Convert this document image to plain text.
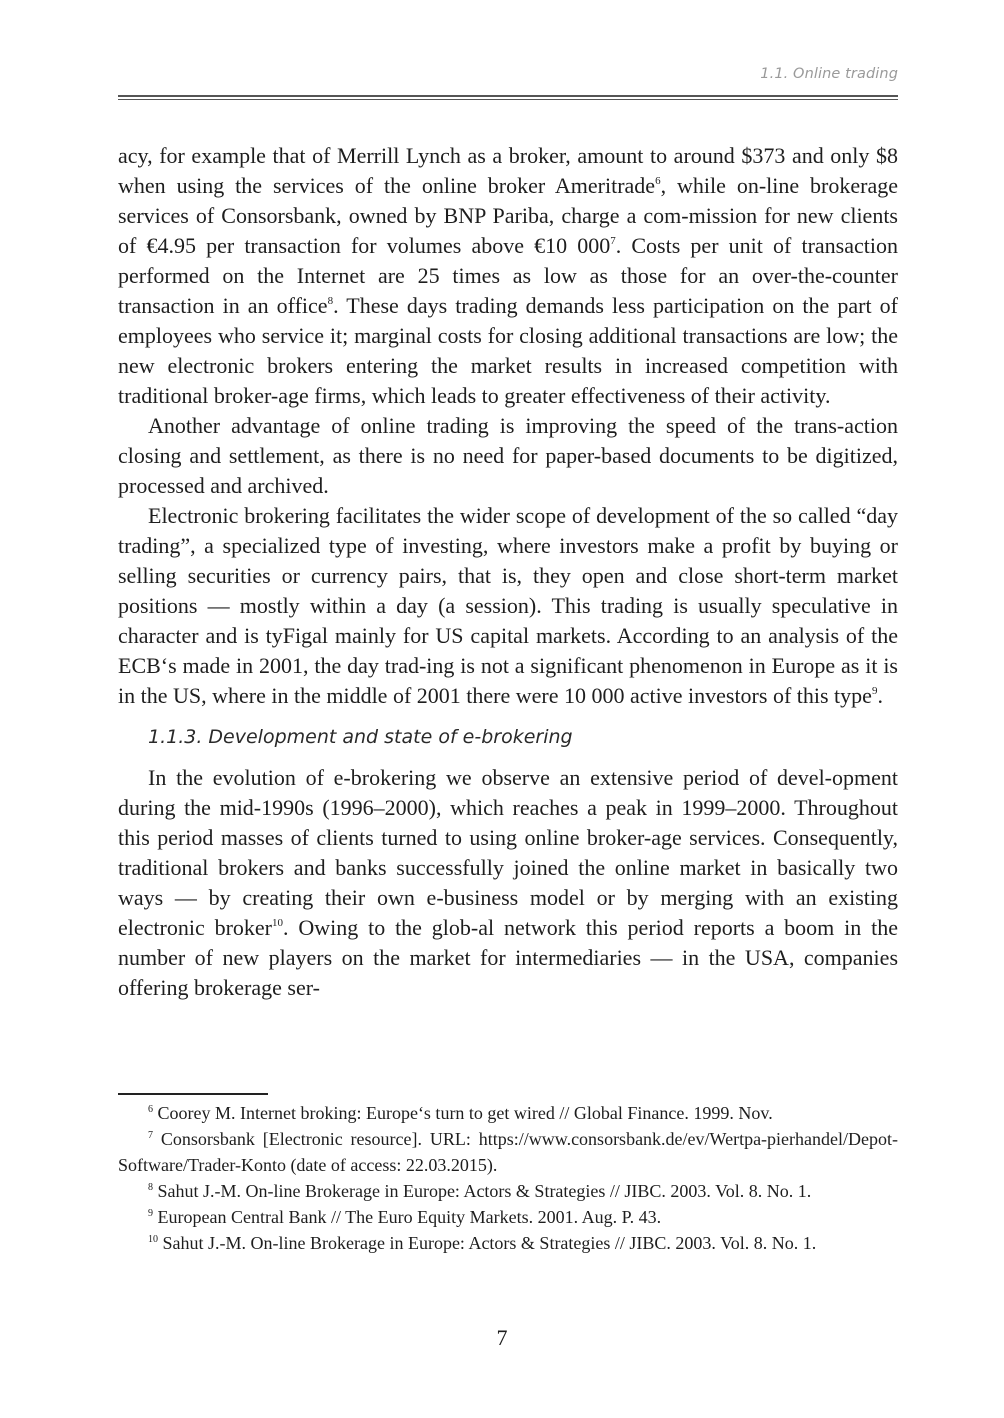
1.1. Online trading

acy, for example that of Merrill Lynch as a broker, amount to around $373 and only $8 when using the services of the online broker Ameritrade$^6$, while on-line brokerage services of Consorsbank, owned by BNP Pariba, charge a com-mission for new clients of €4.95 per transaction for volumes above €10 $000^7$. Costs per unit of transaction performed on the Internet are 25 times as low as those for an over-the-counter transaction in an office$^8$. These days trading demands less participation on the part of employees who service it; marginal costs for closing additional transactions are low; the new electronic brokers entering the market results in increased competition with traditional broker-age firms, which leads to greater effectiveness of their activity.

Another advantage of online trading is improving the speed of the trans-action closing and settlement, as there is no need for paper-based documents to be digitized, processed and archived.

Electronic brokering facilitates the wider scope of development of the so called “day trading”, a specialized type of investing, where investors make a profit by buying or selling securities or currency pairs, that is, they open and close short-term market positions — mostly within a day (a session). This trading is usually speculative in character and is tyFigal mainly for US capital markets. According to an analysis of the ECB‘s made in 2001, the day trad-ing is not a significant phenomenon in Europe as it is in the US, where in the middle of 2001 there were 10 000 active investors of this type$^9$.

1.1.3. Development and state of e-brokering

In the evolution of e-brokering we observe an extensive period of devel-opment during the mid-1990s (1996–2000), which reaches a peak in 1999–2000. Throughout this period masses of clients turned to using online broker-age services. Consequently, traditional brokers and banks successfully joined the online market in basically two ways — by creating their own e-business model or by merging with an existing electronic broker$^{10}$. Owing to the glob-al network this period reports a boom in the number of new players on the market for intermediaries — in the USA, companies offering brokerage ser-

$^6$ Coorey M. Internet broking: Europe‘s turn to get wired // Global Finance. 1999. Nov.

$^7$ Consorsbank [Electronic resource]. URL: https://www.consorsbank.de/ev/Wertpa-pierhandel/Depot-Software/Trader-Konto (date of access: 22.03.2015).

$^8$ Sahut J.-M. On-line Brokerage in Europe: Actors & Strategies // JIBC. 2003. Vol. 8. No. 1.

$^9$ European Central Bank // The Euro Equity Markets. 2001. Aug. P. 43.

$^{10}$ Sahut J.-M. On-line Brokerage in Europe: Actors & Strategies // JIBC. 2003. Vol. 8. No. 1.

7
